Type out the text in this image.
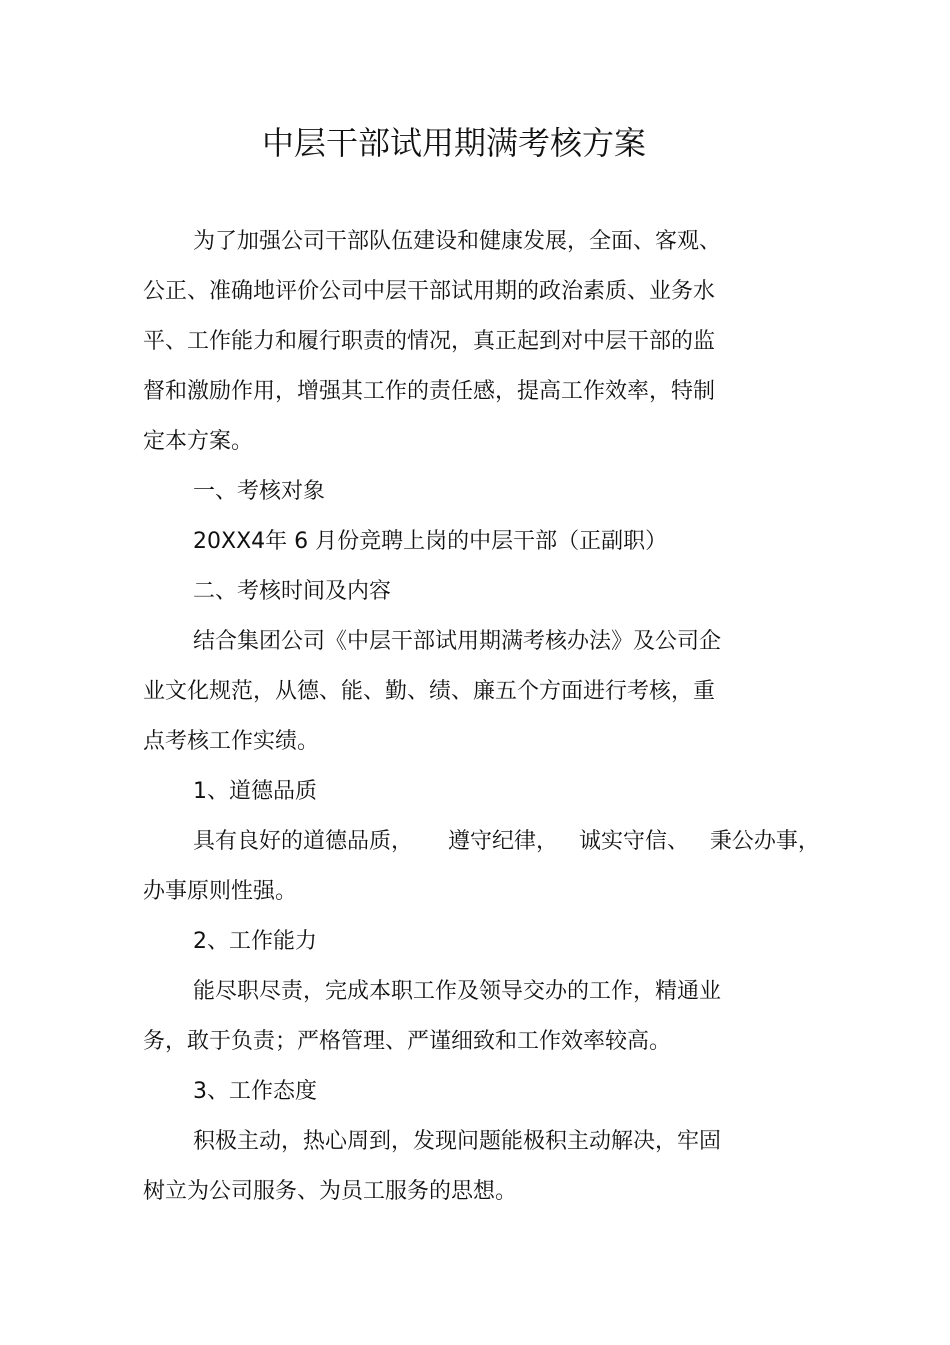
中层干部试用期满考核方案

为了加强公司干部队伍建设和健康发展，全面、客观、

公正、准确地评价公司中层干部试用期的政治素质、业务水

平、工作能力和履行职责的情况，真正起到对中层干部的监

督和激励作用，增强其工作的责任感，提高工作效率，特制

定本方案。

一、考核对象

20XX4年 6 月份竞聘上岗的中层干部（正副职）

二、考核时间及内容

结合集团公司《中层干部试用期满考核办法》及公司企

业文化规范，从德、能、勤、绩、廉五个方面进行考核，重

点考核工作实绩。

1、道德品质

具有良好的道德品质，     遵守纪律，   诚实守信、   秉公办事，

办事原则性强。

2、工作能力

能尽职尽责，完成本职工作及领导交办的工作，精通业

务，敢于负责；严格管理、严谨细致和工作效率较高。

3、工作态度

积极主动，热心周到，发现问题能极积主动解决，牢固

树立为公司服务、为员工服务的思想。
